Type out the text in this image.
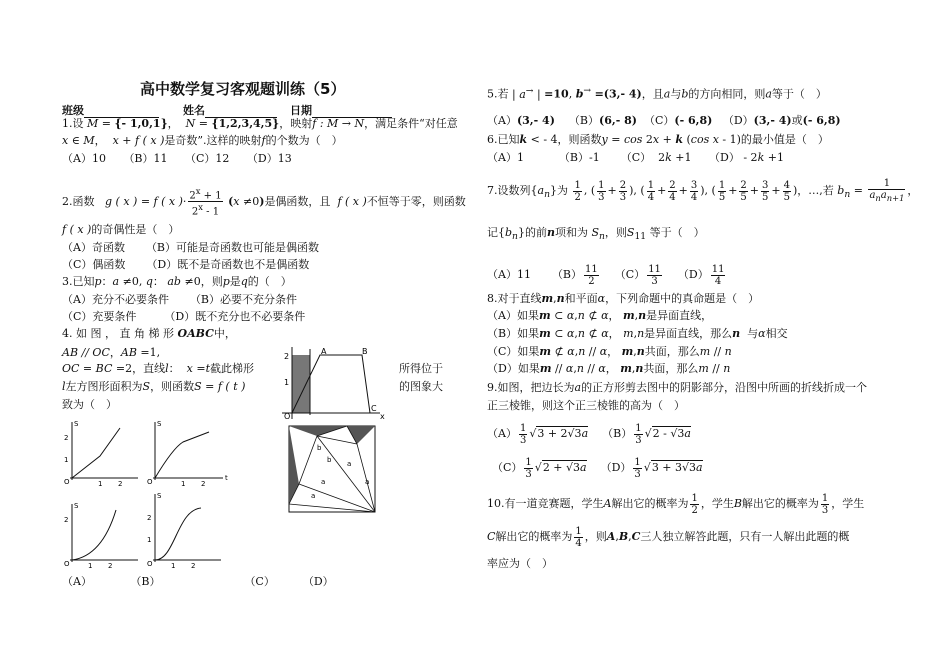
高中数学复习客观题训练（5）
班级	姓名	日期
1.设 M = {- 1,0,1}， N = {1,2,3,4,5}，映射f : M → N，满足条件“对任意
x ∈ M， x + f ( x )是奇数”.这样的映射f的个数为（　）
（A）10 （B）11 （C）12 （D）13
2.函数 g ( x ) = f ( x )· $\frac{2^x + 1}{2^x - 1} (x \ne 0)$是偶函数，且 f ( x )不恒等于零，则函数
f ( x )的奇偶性是（　）
（A）奇函数 （B）可能是奇函数也可能是偶函数
（C）偶函数 （D）既不是奇函数也不是偶函数
3.已知p：a ≠0, q： ab ≠0，则p是q的（　）
（A）充分不必要条件 （B）必要不充分条件
（C）充要条件	（D）既不充分也不必要条件
4. 如 图 ， 直 角 梯 形 OABC中，
AB // OC，AB =1,
OC = BC =2，直线l：  x =t截此梯形	所得位于
l左方图形面积为S，则函数S = f ( t )	的图象大
致为（　）
O
A	B
C
2
1
x
b
b a
a
a
a
O	1 2
2
1
S
O	1 2
t
S
O	1 2
2
S
O	1 2
2
1
S
（A）	（B）	（C）	（D）
5.若 | a→ | =10, b→ =(3,- 4)，且a与b的方向相同，则a等于（　）
（A）(3,- 4) （B）(6,- 8) （C）(- 6,8) （D）(3,- 4)或(- 6,8)
6.已知k < - 4，则函数y = cos 2x + k (cos x - 1)的最小值是（　）
（A）1	（B）-1 （C）  2k +1     （D） - 2k +1
7.设数列$\{a_n\}$为 $\frac{1}{2}$ , ( $\frac{1}{3} + \frac{2}{3}$ ), ( $\frac{1}{4} + \frac{2}{4} + \frac{3}{4}$ ), ( $\frac{1}{5} + \frac{2}{5} + \frac{3}{5} + \frac{4}{5}$ )，…,若 $b_n = \frac{1}{a_na_{n+1}}$ ，
记$\{b_n\}$的前n项和为 $S_n$，则$S_{11}$ 等于（　）
（A）11 $(B) \frac{11}{2} (C) \frac{11}{3} (D) \frac{11}{4}$
8.对于直线m,n和平面α，下列命题中的真命题是（　）
（A）如果m ⊂ α,n ⊄ α， m,n是异面直线，
（B）如果m ⊂ α,n ⊄ α， m,n是异面直线，那么n  与α相交
（C）如果m ⊄ α,n // α， m,n共面，那么m // n
（D）如果m // α,n // α， m,n共面，那么m // n
9.如图，把边长为a的正方形剪去图中的阴影部分，沿图中所画的折线折成一个
正三棱锥，则这个正三棱锥的高为（　）
$(A) \frac{1}{3} √3 + 2√3a$ $(B) \frac{1}{3} √2 - √3a$
$(C) \frac{1}{3} √2 + √3a$ $(D) \frac{1}{3} √3 + 3√3a$
10.有一道竞赛题，学生A解出它的概率为 $\frac{1}{2}$ ，学生B解出它的概率为 $\frac{1}{3}$ ，学生
C解出它的概率为 $\frac{1}{4}$ ，则A,B,C三人独立解答此题，只有一人解出此题的概
率应为（　）
